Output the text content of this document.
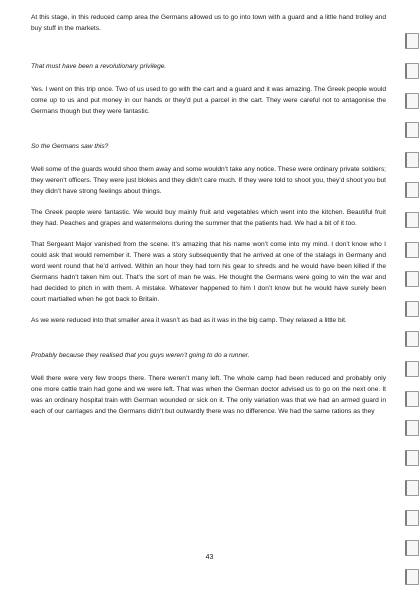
At this stage, in this reduced camp area the Germans allowed us to go into town with a guard and a little hand trolley and buy stuff in the markets.

That must have been a revolutionary privilege.

Yes. I went on this trip once. Two of us used to go with the cart and a guard and it was amazing. The Greek people would come up to us and put money in our hands or they’d put a parcel in the cart. They were careful not to antagonise the Germans though but they were fantastic.

So the Germans saw this?

Well some of the guards would shoo them away and some wouldn’t take any notice. These were ordinary private soldiers; they weren’t officers. They were just blokes and they didn’t care much. If they were told to shoot you, they’d shoot you but they didn’t have strong feelings about things.

The Greek people were fantastic. We would buy mainly fruit and vegetables which went into the kitchen. Beautiful fruit they had. Peaches and grapes and watermelons during the summer that the patients had. We had a bit of it too.

That Sergeant Major vanished from the scene. It’s amazing that his name won’t come into my mind. I don’t know who I could ask that would remember it. There was a story subsequently that he arrived at one of the stalags in Germany and word went round that he’d arrived. Within an hour they had torn his gear to shreds and he would have been killed if the Germans hadn’t taken him out. That’s the sort of man he was. He thought the Germans were going to win the war and had decided to pitch in with them. A mistake. Whatever happened to him I don’t know but he would have surely been court martialled when he got back to Britain.

As we were reduced into that smaller area it wasn’t as bad as it was in the big camp. They relaxed a little bit.

Probably because they realised that you guys weren’t going to do a runner.

Well there were very few troops there. There weren’t many left. The whole camp had been reduced and probably only one more cattle train had gone and we were left. That was when the German doctor advised us to go on the next one. It was an ordinary hospital train with German wounded or sick on it. The only variation was that we had an armed guard in each of our carriages and the Germans didn’t but outwardly there was no difference. We had the same rations as they

43
